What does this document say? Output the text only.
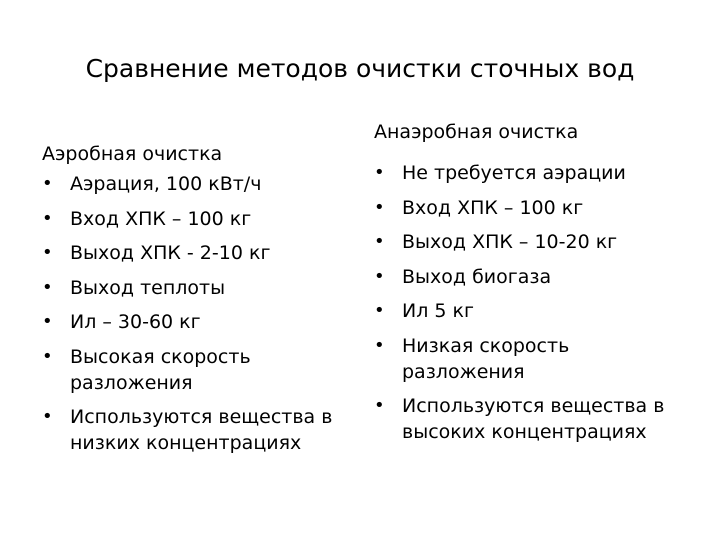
Сравнение методов очистки сточных вод
Аэробная очистка
• Аэрация, 100 кВт/ч
• Вход ХПК – 100 кг
• Выход ХПК - 2-10 кг
• Выход теплоты
• Ил – 30-60 кг
• Высокая скорость разложения
• Используются вещества в низких концентрациях
Анаэробная очистка
• Не требуется аэрации
• Вход ХПК – 100 кг
• Выход ХПК – 10-20 кг
• Выход биогаза
• Ил 5 кг
• Низкая скорость разложения
• Используются вещества в высоких концентрациях
